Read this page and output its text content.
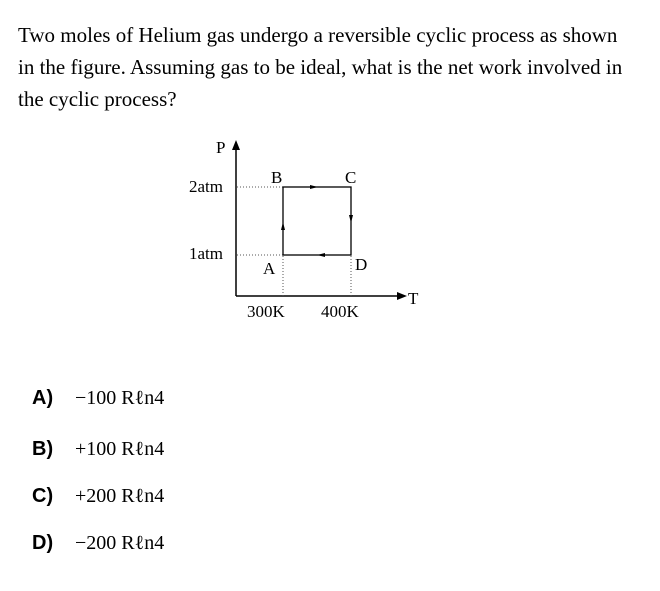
Two moles of Helium gas undergo a reversible cyclic process as shown in the figure. Assuming gas to be ideal, what is the net work involved in the cyclic process?

P
T
2atm
1atm
300K 400K
A
B	C
D
A)	−100 Rℓn4
B)	+100 Rℓn4
C)	+200 Rℓn4
D)	−200 Rℓn4
